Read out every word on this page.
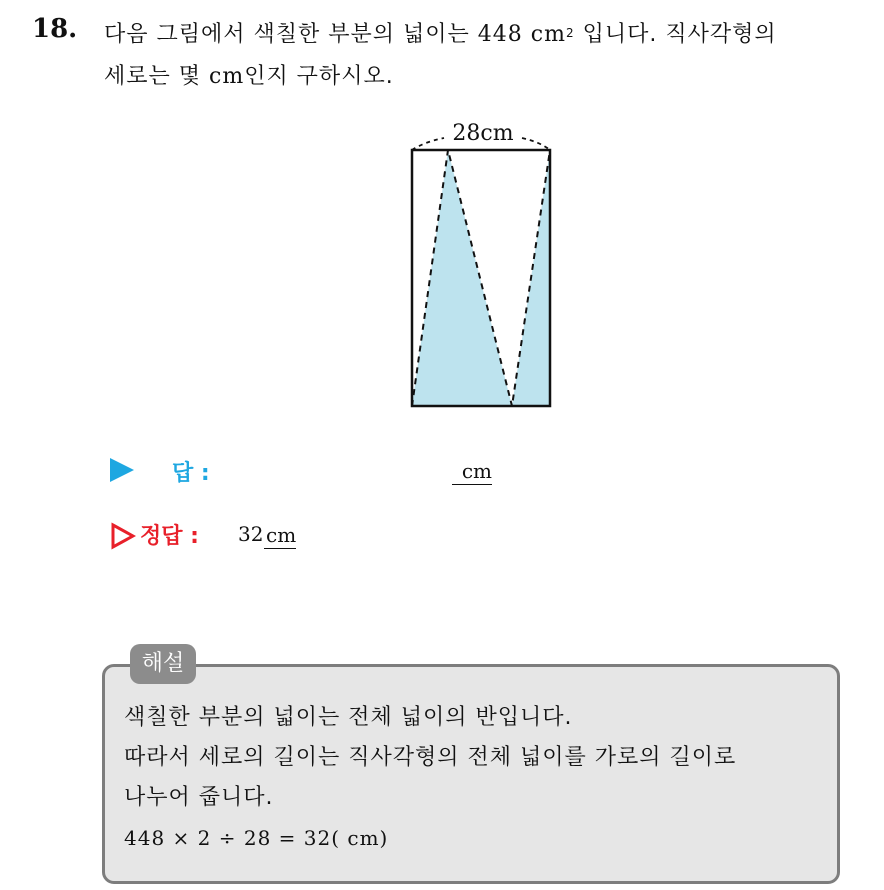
18. 다음 그림에서 색칠한 부분의 넓이는 448 $cm^2$ 입니다. 직사각형의
세로는 몇 cm인지 구하시오.
28cm
답 :	cm
정답 : 32 cm
해설
색칠한 부분의 넓이는 전체 넓이의 반입니다.
따라서 세로의 길이는 직사각형의 전체 넓이를 가로의 길이로
나누어 줍니다.
448 × 2 ÷ 28 = 32( cm)
